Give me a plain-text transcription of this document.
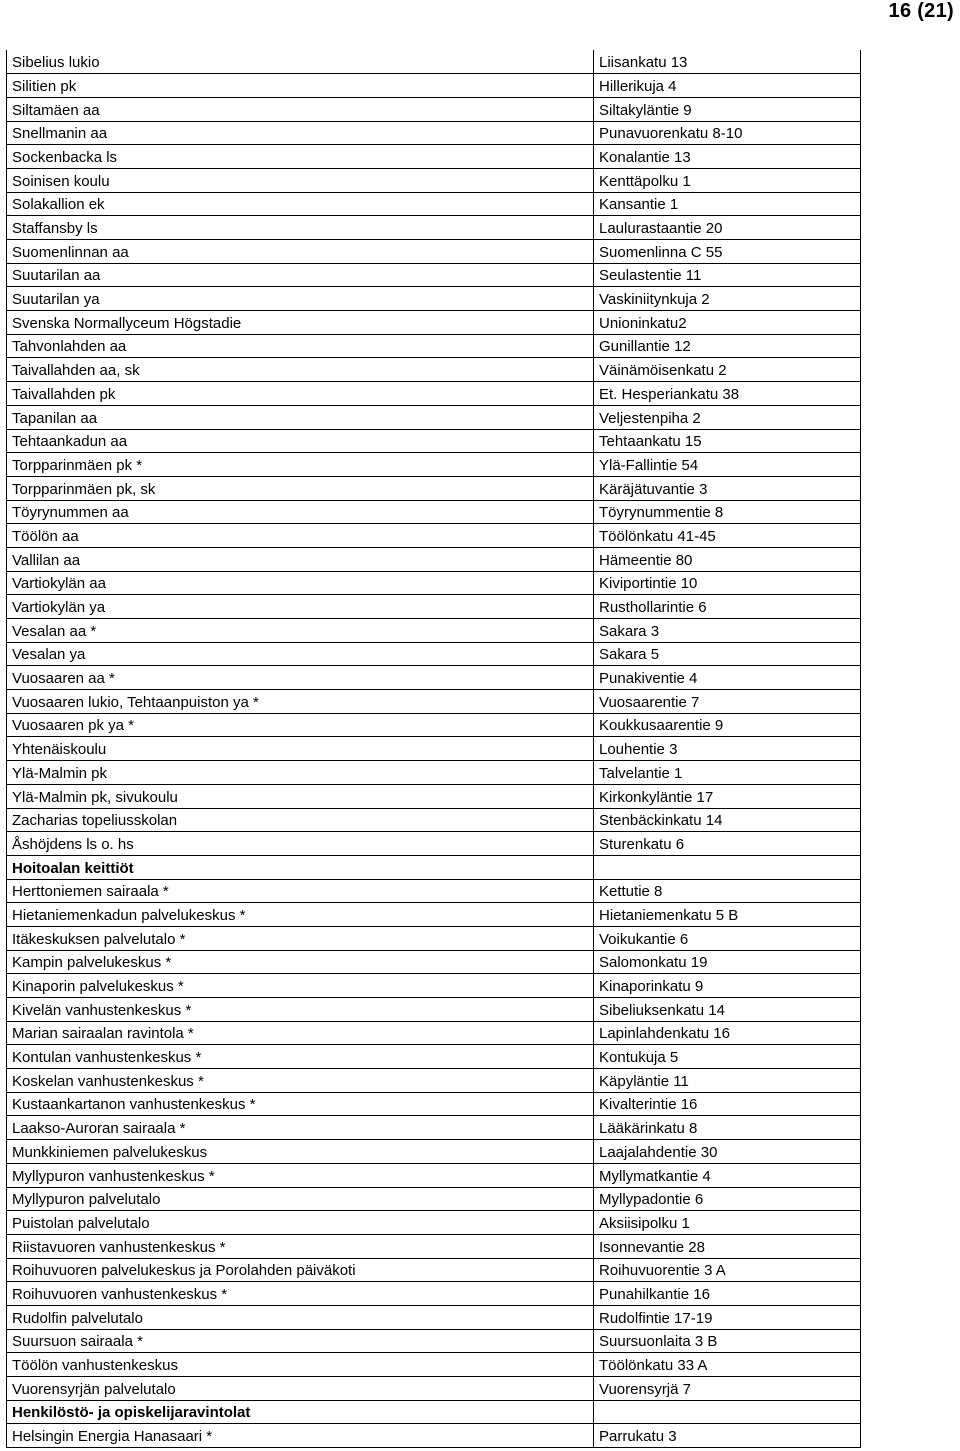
16 (21)
Sibelius lukio	Liisankatu 13
Silitien pk	Hillerikuja 4
Siltamäen aa	Siltakyläntie 9
Snellmanin aa	Punavuorenkatu 8-10
Sockenbacka ls	Konalantie 13
Soinisen koulu	Kenttäpolku 1
Solakallion ek	Kansantie 1
Staffansby ls	Laulurastaantie 20
Suomenlinnan aa	Suomenlinna C 55
Suutarilan aa	Seulastentie 11
Suutarilan ya	Vaskiniitynkuja 2
Svenska Normallyceum Högstadie	Unioninkatu2
Tahvonlahden aa	Gunillantie 12
Taivallahden aa, sk	Väinämöisenkatu 2
Taivallahden pk	Et. Hesperiankatu 38
Tapanilan aa	Veljestenpiha 2
Tehtaankadun aa	Tehtaankatu 15
Torpparinmäen pk *	Ylä-Fallintie 54
Torpparinmäen pk, sk	Käräjätuvantie 3
Töyrynummen aa	Töyrynummentie 8
Töölön aa	Töölönkatu 41-45
Vallilan aa	Hämeentie 80
Vartiokylän aa	Kiviportintie 10
Vartiokylän ya	Rusthollarintie 6
Vesalan aa *	Sakara 3
Vesalan ya	Sakara 5
Vuosaaren aa *	Punakiventie 4
Vuosaaren lukio, Tehtaanpuiston ya *	Vuosaarentie 7
Vuosaaren pk ya *	Koukkusaarentie 9
Yhtenäiskoulu	Louhentie 3
Ylä-Malmin pk	Talvelantie 1
Ylä-Malmin pk, sivukoulu	Kirkonkyläntie 17
Zacharias topeliusskolan	Stenbäckinkatu 14
Åshöjdens ls o. hs	Sturenkatu 6
Hoitoalan keittiöt	
Herttoniemen sairaala *	Kettutie 8
Hietaniemenkadun palvelukeskus *	Hietaniemenkatu 5 B
Itäkeskuksen palvelutalo *	Voikukantie 6
Kampin palvelukeskus *	Salomonkatu 19
Kinaporin palvelukeskus *	Kinaporinkatu 9
Kivelän vanhustenkeskus *	Sibeliuksenkatu 14
Marian sairaalan ravintola *	Lapinlahdenkatu 16
Kontulan vanhustenkeskus *	Kontukuja 5
Koskelan vanhustenkeskus *	Käpyläntie 11
Kustaankartanon vanhustenkeskus *	Kivalterintie 16
Laakso-Auroran sairaala *	Lääkärinkatu 8
Munkkiniemen palvelukeskus	Laajalahdentie 30
Myllypuron vanhustenkeskus *	Myllymatkantie 4
Myllypuron palvelutalo	Myllypadontie 6
Puistolan palvelutalo	Aksiisipolku 1
Riistavuoren vanhustenkeskus *	Isonnevantie 28
Roihuvuoren palvelukeskus ja Porolahden päiväkoti	Roihuvuorentie 3 A
Roihuvuoren vanhustenkeskus *	Punahilkantie 16
Rudolfin palvelutalo	Rudolfintie 17-19
Suursuon sairaala *	Suursuonlaita 3 B
Töölön vanhustenkeskus	Töölönkatu 33 A
Vuorensyrjän palvelutalo	Vuorensyrjä 7
Henkilöstö- ja opiskelijaravintolat	
Helsingin Energia Hanasaari *	Parrukatu 3
